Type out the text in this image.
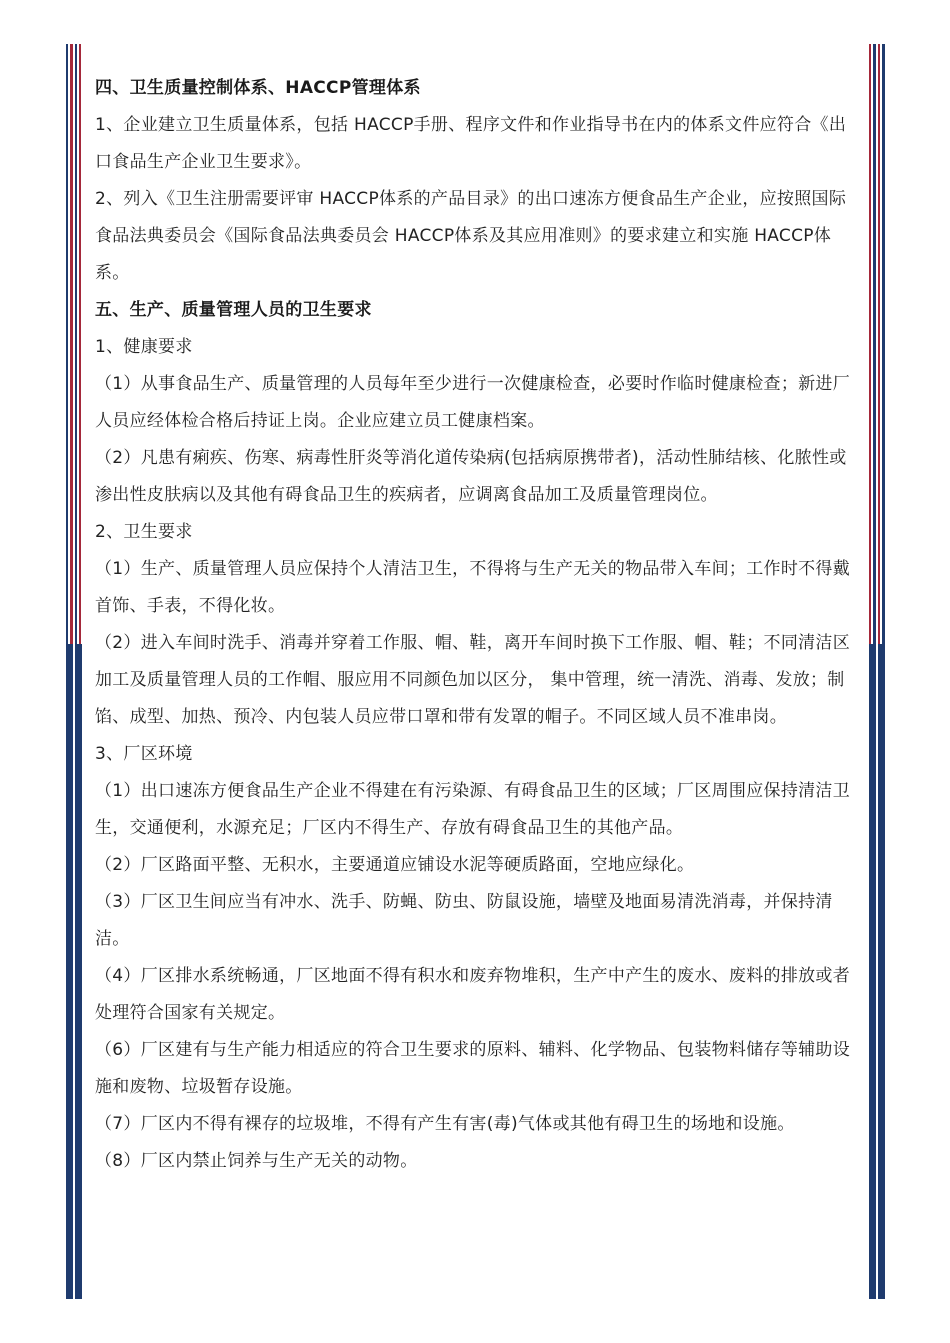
四、卫生质量控制体系、HACCP管理体系

1、企业建立卫生质量体系，包括 HACCP手册、程序文件和作业指导书在内的体系文件应符合《出口食品生产企业卫生要求》。

2、列入《卫生注册需要评审 HACCP体系的产品目录》的出口速冻方便食品生产企业，应按照国际食品法典委员会《国际食品法典委员会 HACCP体系及其应用准则》的要求建立和实施 HACCP体系。

五、生产、质量管理人员的卫生要求

1、健康要求

（1）从事食品生产、质量管理的人员每年至少进行一次健康检查，必要时作临时健康检查；新进厂人员应经体检合格后持证上岗。企业应建立员工健康档案。

（2）凡患有痢疾、伤寒、病毒性肝炎等消化道传染病(包括病原携带者)，活动性肺结核、化脓性或渗出性皮肤病以及其他有碍食品卫生的疾病者，应调离食品加工及质量管理岗位。

2、卫生要求

（1）生产、质量管理人员应保持个人清洁卫生，不得将与生产无关的物品带入车间；工作时不得戴首饰、手表，不得化妆。

（2）进入车间时洗手、消毒并穿着工作服、帽、鞋，离开车间时换下工作服、帽、鞋；不同清洁区加工及质量管理人员的工作帽、服应用不同颜色加以区分， 集中管理，统一清洗、消毒、发放；制馅、成型、加热、预冷、内包装人员应带口罩和带有发罩的帽子。不同区域人员不准串岗。

3、厂区环境

（1）出口速冻方便食品生产企业不得建在有污染源、有碍食品卫生的区域；厂区周围应保持清洁卫生，交通便利，水源充足；厂区内不得生产、存放有碍食品卫生的其他产品。

（2）厂区路面平整、无积水，主要通道应铺设水泥等硬质路面，空地应绿化。

（3）厂区卫生间应当有冲水、洗手、防蝇、防虫、防鼠设施，墙壁及地面易清洗消毒，并保持清洁。

（4）厂区排水系统畅通，厂区地面不得有积水和废弃物堆积，生产中产生的废水、废料的排放或者处理符合国家有关规定。

（6）厂区建有与生产能力相适应的符合卫生要求的原料、辅料、化学物品、包装物料储存等辅助设施和废物、垃圾暂存设施。

（7）厂区内不得有裸存的垃圾堆，不得有产生有害(毒)气体或其他有碍卫生的场地和设施。

（8）厂区内禁止饲养与生产无关的动物。
